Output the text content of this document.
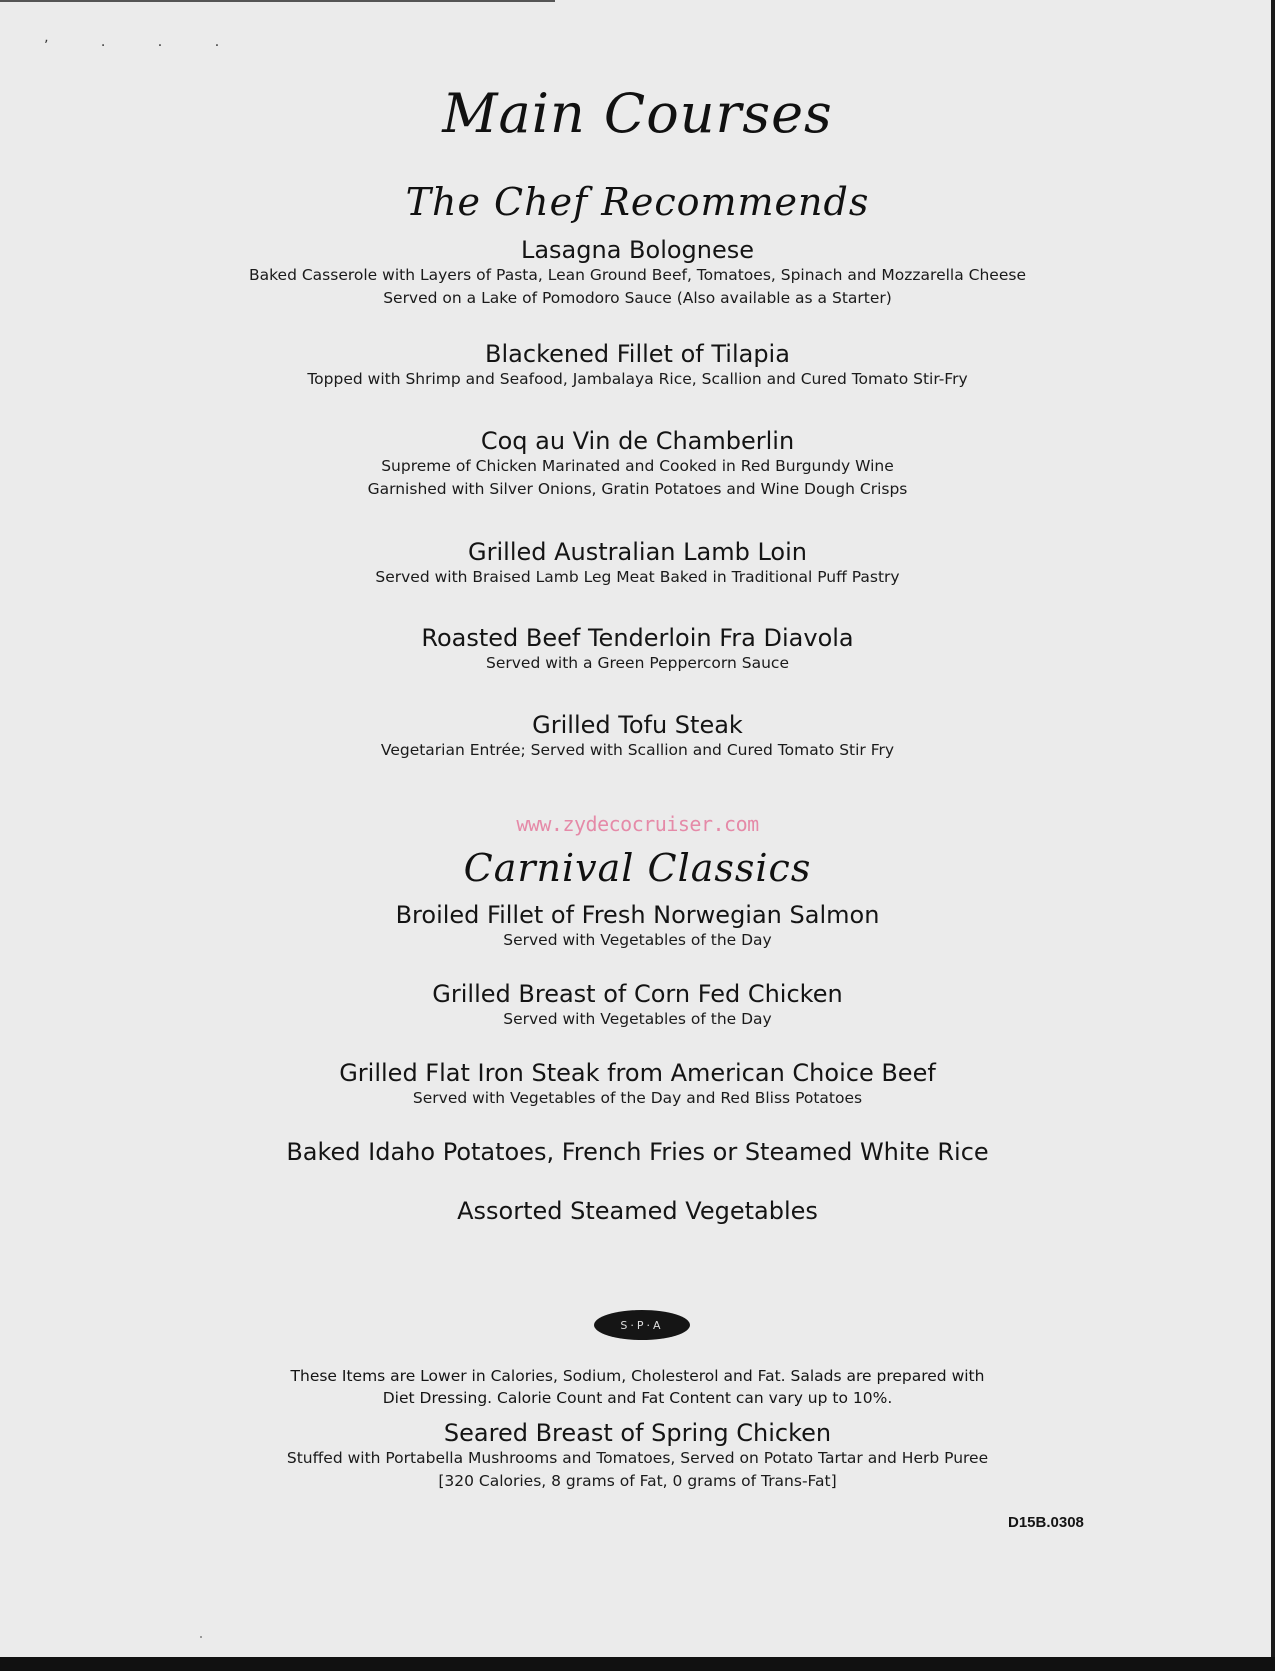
ʼ · · ·
Main Courses
The Chef Recommends
Lasagna Bolognese
Baked Casserole with Layers of Pasta, Lean Ground Beef, Tomatoes, Spinach and Mozzarella Cheese
Served on a Lake of Pomodoro Sauce (Also available as a Starter)
Blackened Fillet of Tilapia
Topped with Shrimp and Seafood, Jambalaya Rice, Scallion and Cured Tomato Stir-Fry
Coq au Vin de Chamberlin
Supreme of Chicken Marinated and Cooked in Red Burgundy Wine
Garnished with Silver Onions, Gratin Potatoes and Wine Dough Crisps
Grilled Australian Lamb Loin
Served with Braised Lamb Leg Meat Baked in Traditional Puff Pastry
Roasted Beef Tenderloin Fra Diavola
Served with a Green Peppercorn Sauce
Grilled Tofu Steak
Vegetarian Entrée; Served with Scallion and Cured Tomato Stir Fry
www.zydecocruiser.com
Carnival Classics
Broiled Fillet of Fresh Norwegian Salmon
Served with Vegetables of the Day
Grilled Breast of Corn Fed Chicken
Served with Vegetables of the Day
Grilled Flat Iron Steak from American Choice Beef
Served with Vegetables of the Day and Red Bliss Potatoes
Baked Idaho Potatoes, French Fries or Steamed White Rice
Assorted Steamed Vegetables
S·P·A
These Items are Lower in Calories, Sodium, Cholesterol and Fat. Salads are prepared with
Diet Dressing. Calorie Count and Fat Content can vary up to 10%.
Seared Breast of Spring Chicken
Stuffed with Portabella Mushrooms and Tomatoes, Served on Potato Tartar and Herb Puree
[320 Calories, 8 grams of Fat, 0 grams of Trans-Fat]
D15B.0308
